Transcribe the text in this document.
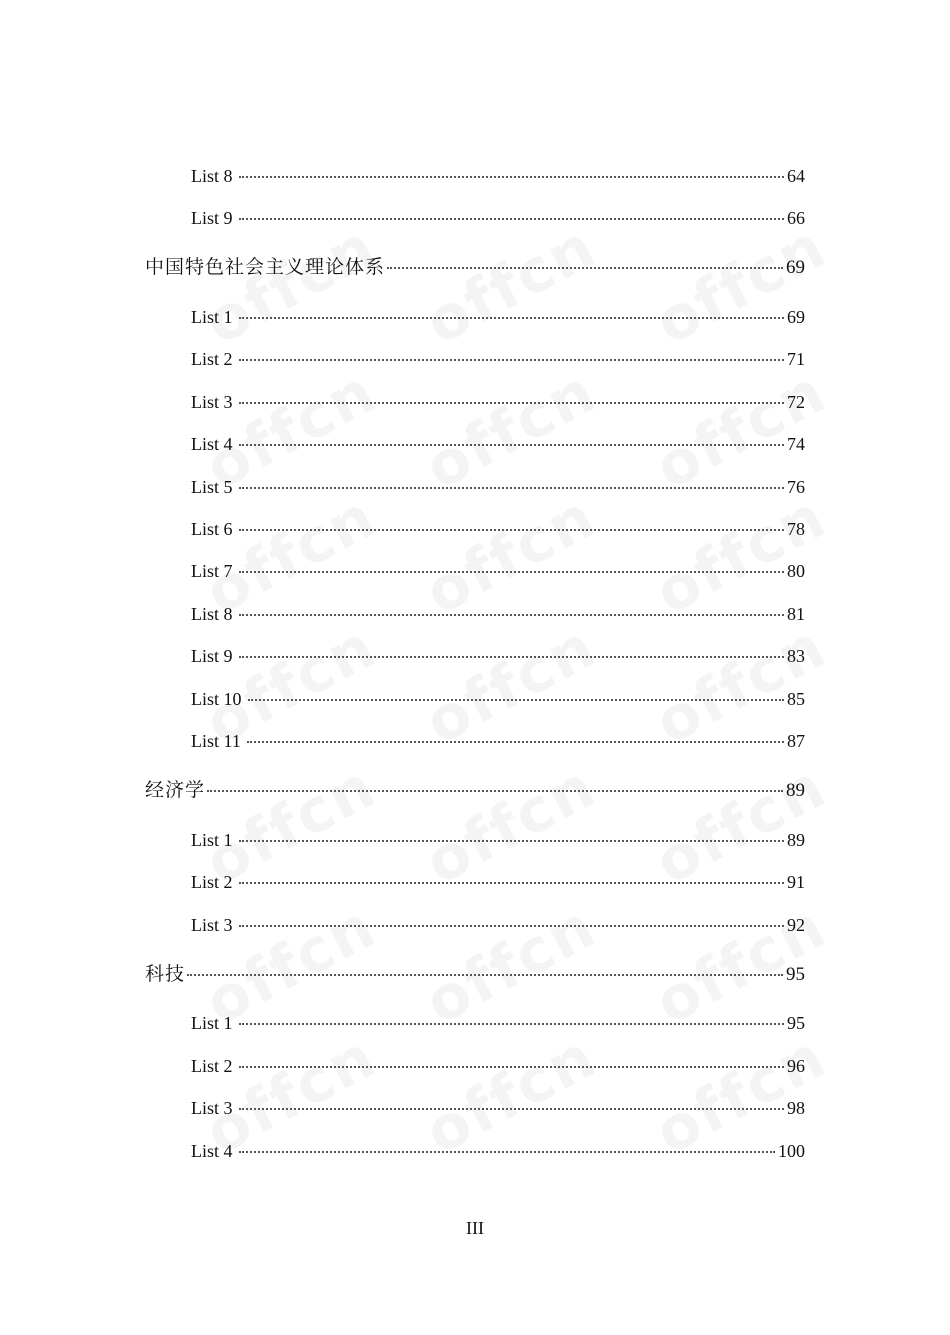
List 8	64
List 9	66
中国特色社会主义理论体系	69
List 1	69
List 2	71
List 3	72
List 4	74
List 5	76
List 6	78
List 7	80
List 8	81
List 9	83
List 10	85
List 11	87
经济学	89
List 1	89
List 2	91
List 3	92
科技	95
List 1	95
List 2	96
List 3	98
List 4	100
III
